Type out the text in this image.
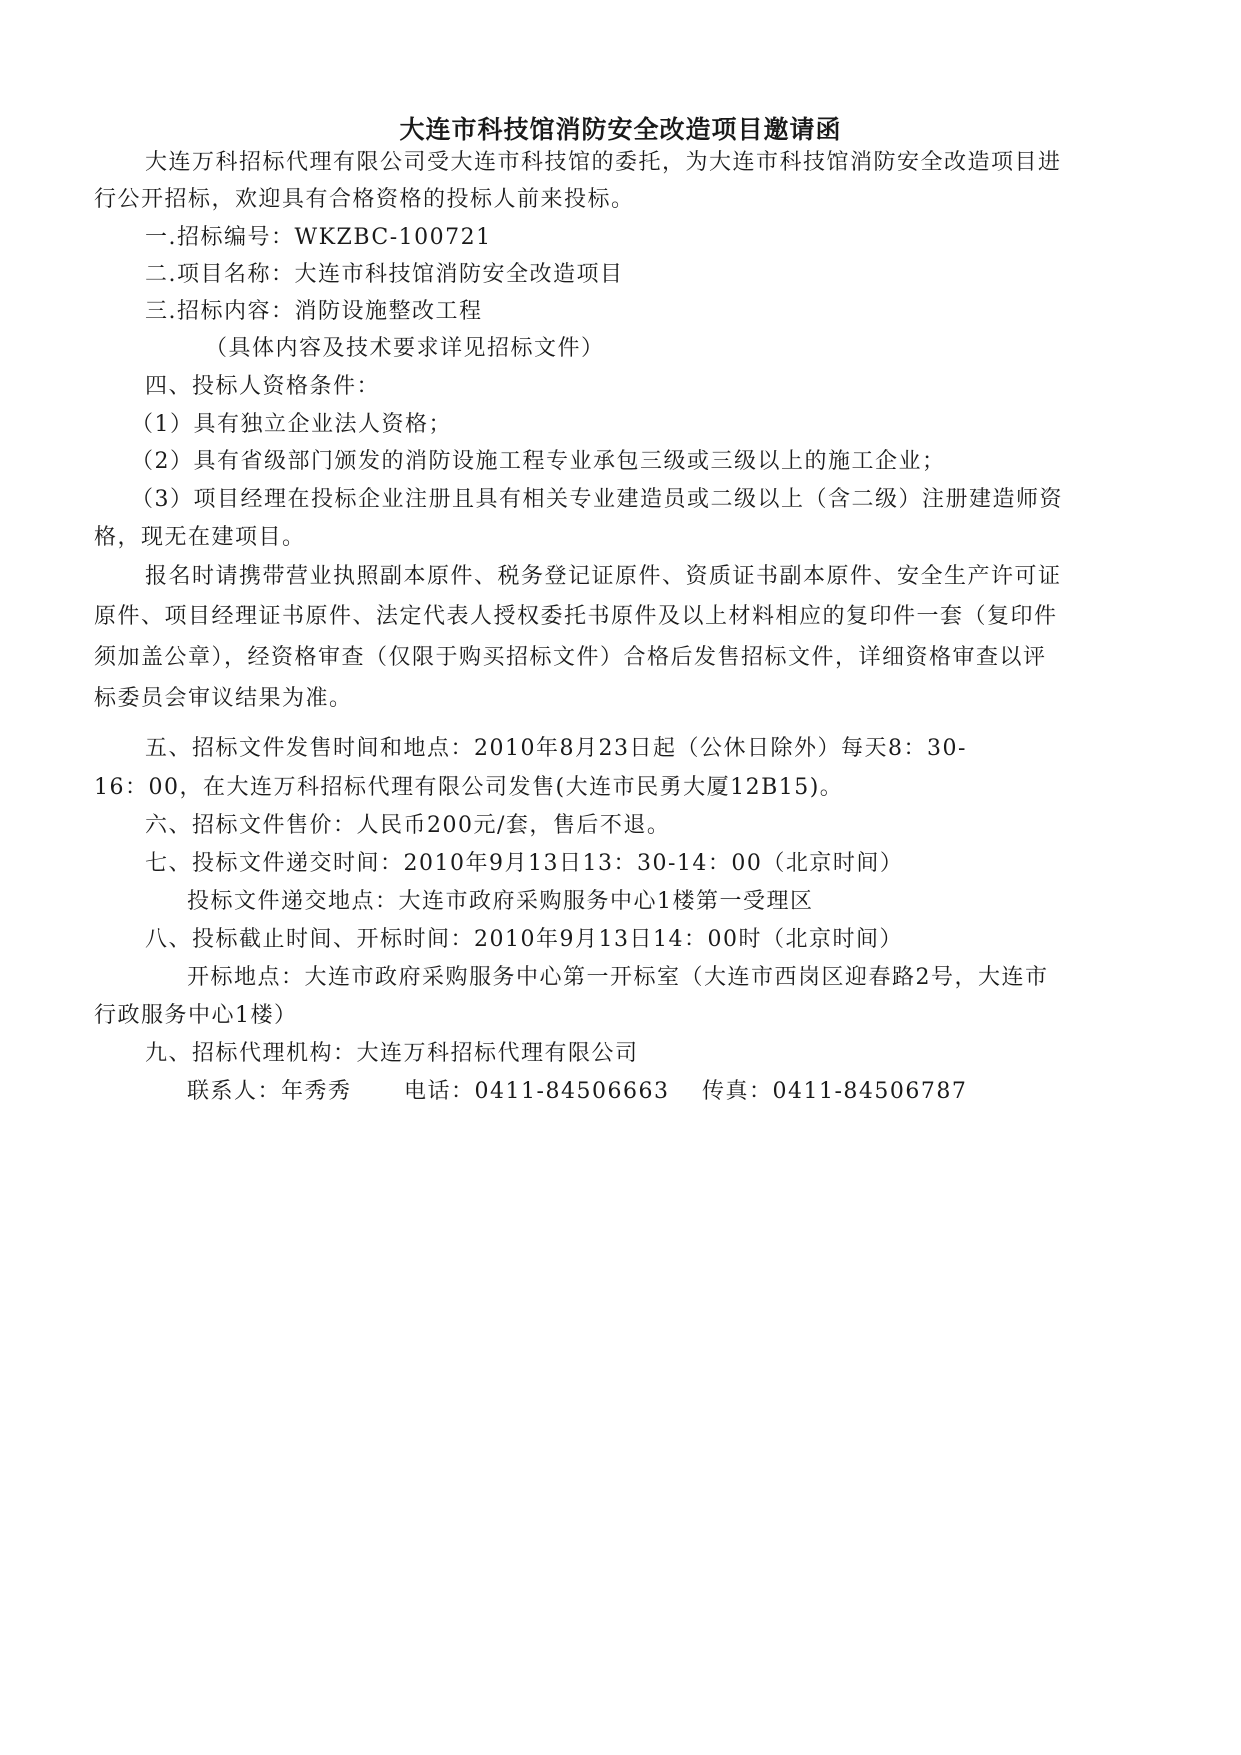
大连市科技馆消防安全改造项目邀请函
大连万科招标代理有限公司受大连市科技馆的委托，为大连市科技馆消防安全改造项目进
行公开招标，欢迎具有合格资格的投标人前来投标。
一.招标编号：WKZBC-100721
二.项目名称：大连市科技馆消防安全改造项目
三.招标内容：消防设施整改工程
（具体内容及技术要求详见招标文件）
四、投标人资格条件：
（1）具有独立企业法人资格；
（2）具有省级部门颁发的消防设施工程专业承包三级或三级以上的施工企业；
（3）项目经理在投标企业注册且具有相关专业建造员或二级以上（含二级）注册建造师资
格，现无在建项目。
报名时请携带营业执照副本原件、税务登记证原件、资质证书副本原件、安全生产许可证
原件、项目经理证书原件、法定代表人授权委托书原件及以上材料相应的复印件一套（复印件
须加盖公章），经资格审查（仅限于购买招标文件）合格后发售招标文件，详细资格审查以评
标委员会审议结果为准。
五、招标文件发售时间和地点：2010年8月23日起（公休日除外）每天8：30-
16：00，在大连万科招标代理有限公司发售(大连市民勇大厦12B15)。
六、招标文件售价：人民币200元/套，售后不退。
七、投标文件递交时间：2010年9月13日13：30-14：00（北京时间）
投标文件递交地点：大连市政府采购服务中心1楼第一受理区
八、投标截止时间、开标时间：2010年9月13日14：00时（北京时间）
开标地点：大连市政府采购服务中心第一开标室（大连市西岗区迎春路2号，大连市
行政服务中心1楼）
九、招标代理机构：大连万科招标代理有限公司
联系人：年秀秀 电话：0411-84506663 传真：0411-84506787
